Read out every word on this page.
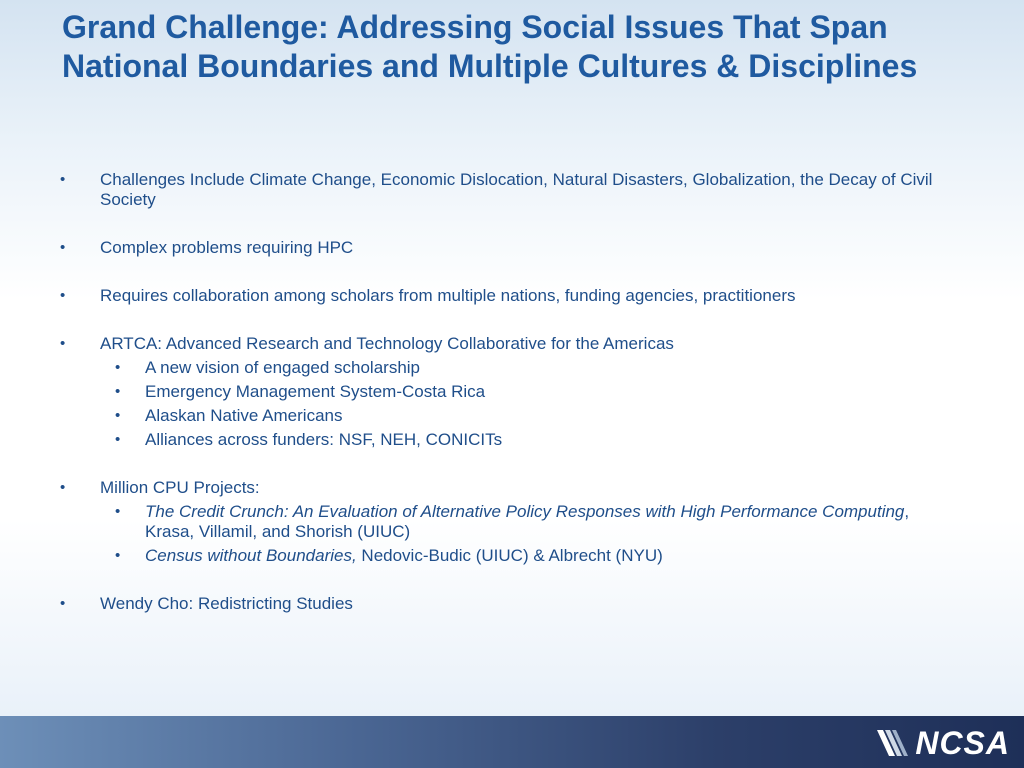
Grand Challenge: Addressing Social Issues That Span National Boundaries and Multiple Cultures & Disciplines
• Challenges Include Climate Change, Economic Dislocation, Natural Disasters, Globalization, the Decay of Civil Society
• Complex problems requiring HPC
• Requires collaboration among scholars from multiple nations, funding agencies, practitioners
• ARTCA: Advanced Research and Technology Collaborative for the Americas
• A new vision of engaged scholarship
• Emergency Management System-Costa Rica
• Alaskan Native Americans
• Alliances across funders: NSF, NEH, CONICITs
• Million CPU Projects:
• The Credit Crunch: An Evaluation of Alternative Policy Responses with High Performance Computing, Krasa, Villamil, and Shorish (UIUC)
• Census without Boundaries, Nedovic-Budic (UIUC) & Albrecht (NYU)
• Wendy Cho: Redistricting Studies
NCSA
